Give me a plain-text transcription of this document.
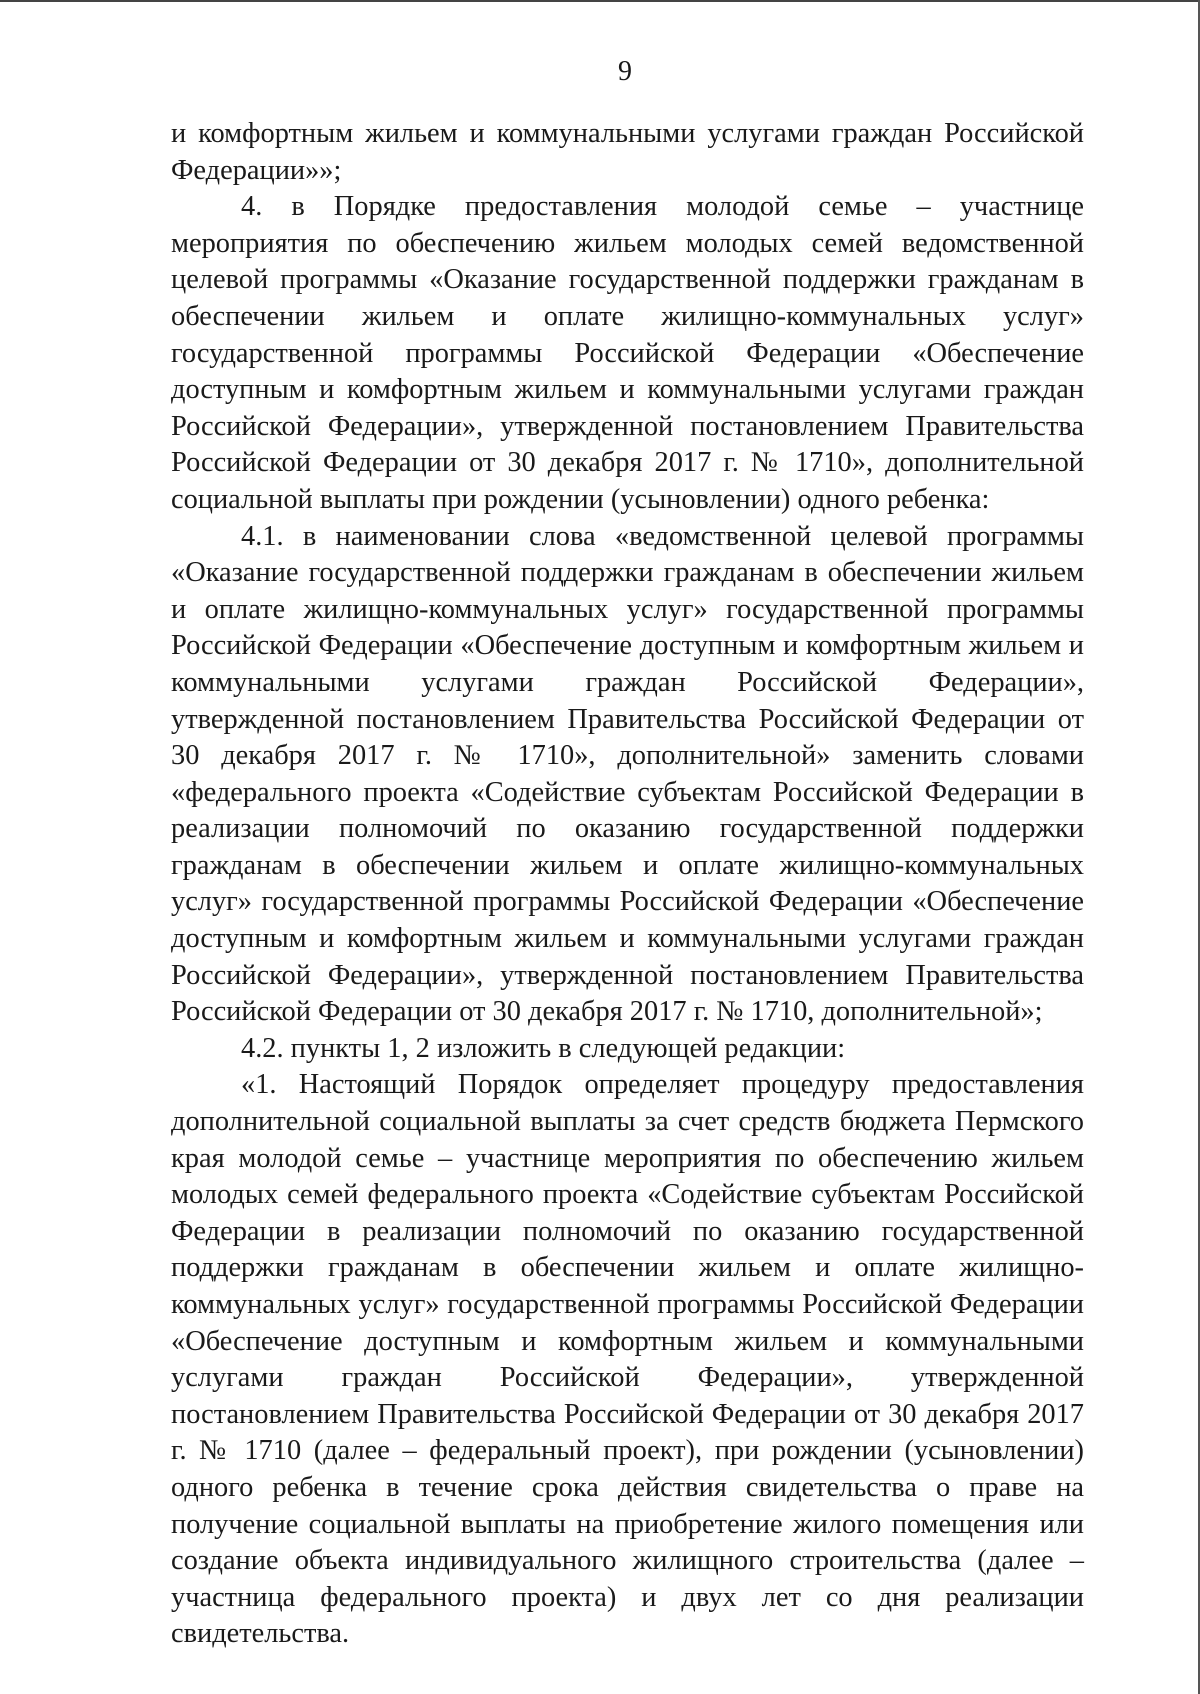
9

и комфортным жильем и коммунальными услугами граждан Российской Федерации»»;

4. в Порядке предоставления молодой семье – участнице мероприятия по обеспечению жильем молодых семей ведомственной целевой программы «Оказание государственной поддержки гражданам в обеспечении жильем и оплате жилищно-коммунальных услуг» государственной программы Российской Федерации «Обеспечение доступным и комфортным жильем и коммунальными услугами граждан Российской Федерации», утвержденной постановлением Правительства Российской Федерации от 30 декабря 2017 г. № 1710», дополнительной социальной выплаты при рождении (усыновлении) одного ребенка:

4.1. в наименовании слова «ведомственной целевой программы «Оказание государственной поддержки гражданам в обеспечении жильем и оплате жилищно-коммунальных услуг» государственной программы Российской Федерации «Обеспечение доступным и комфортным жильем и коммунальными услугами граждан Российской Федерации», утвержденной постановлением Правительства Российской Федерации от 30 декабря 2017 г. № 1710», дополнительной» заменить словами «федерального проекта «Содействие субъектам Российской Федерации в реализации полномочий по оказанию государственной поддержки гражданам в обеспечении жильем и оплате жилищно-коммунальных услуг» государственной программы Российской Федерации «Обеспечение доступным и комфортным жильем и коммунальными услугами граждан Российской Федерации», утвержденной постановлением Правительства Российской Федерации от 30 декабря 2017 г. № 1710, дополнительной»;

4.2. пункты 1, 2 изложить в следующей редакции:

«1. Настоящий Порядок определяет процедуру предоставления дополнительной социальной выплаты за счет средств бюджета Пермского края молодой семье – участнице мероприятия по обеспечению жильем молодых семей федерального проекта «Содействие субъектам Российской Федерации в реализации полномочий по оказанию государственной поддержки гражданам в обеспечении жильем и оплате жилищно-коммунальных услуг» государственной программы Российской Федерации «Обеспечение доступным и комфортным жильем и коммунальными услугами граждан Российской Федерации», утвержденной постановлением Правительства Российской Федерации от 30 декабря 2017 г. № 1710 (далее – федеральный проект), при рождении (усыновлении) одного ребенка в течение срока действия свидетельства о праве на получение социальной выплаты на приобретение жилого помещения или создание объекта индивидуального жилищного строительства (далее – участница федерального проекта) и двух лет со дня реализации свидетельства.
